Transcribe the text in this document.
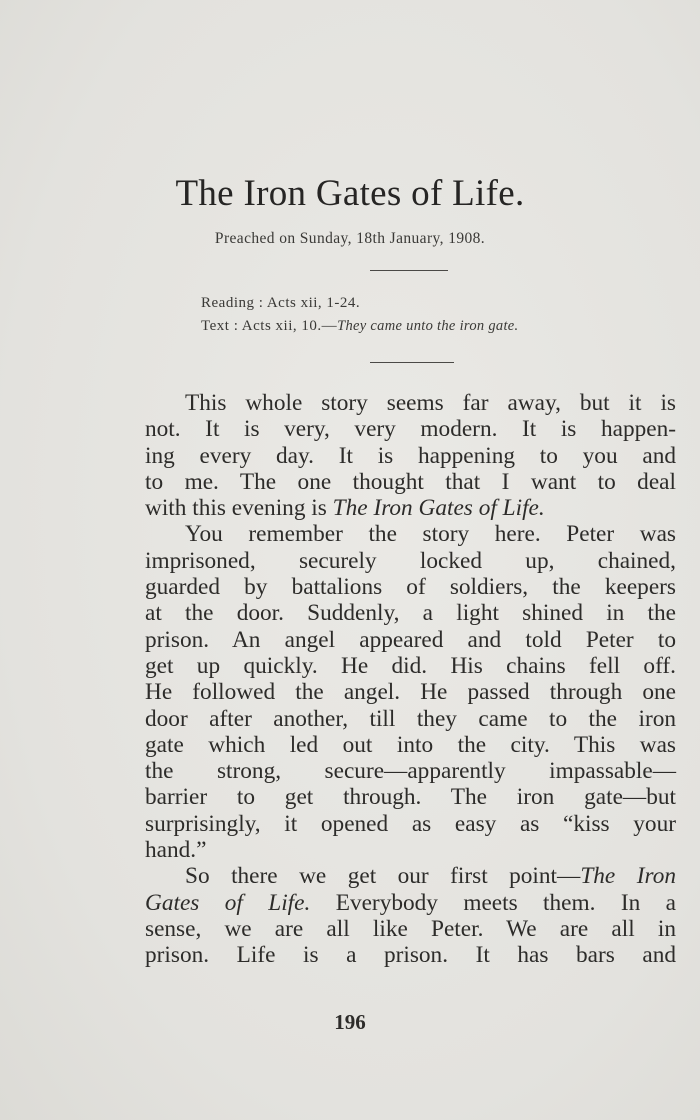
The Iron Gates of Life.
Preached on Sunday, 18th January, 1908.
Reading : Acts xii, 1-24.
Text : Acts xii, 10.—They came unto the iron gate.
This whole story seems far away, but it is
not. It is very, very modern. It is happen-
ing every day. It is happening to you and
to me. The one thought that I want to deal
with this evening is The Iron Gates of Life.
You remember the story here. Peter was
imprisoned, securely locked up, chained,
guarded by battalions of soldiers, the keepers
at the door. Suddenly, a light shined in the
prison. An angel appeared and told Peter to
get up quickly. He did. His chains fell off.
He followed the angel. He passed through one
door after another, till they came to the iron
gate which led out into the city. This was
the strong, secure—apparently impassable—
barrier to get through. The iron gate—but
surprisingly, it opened as easy as “kiss your
hand.”
So there we get our first point—The Iron
Gates of Life. Everybody meets them. In a
sense, we are all like Peter. We are all in
prison. Life is a prison. It has bars and
196
